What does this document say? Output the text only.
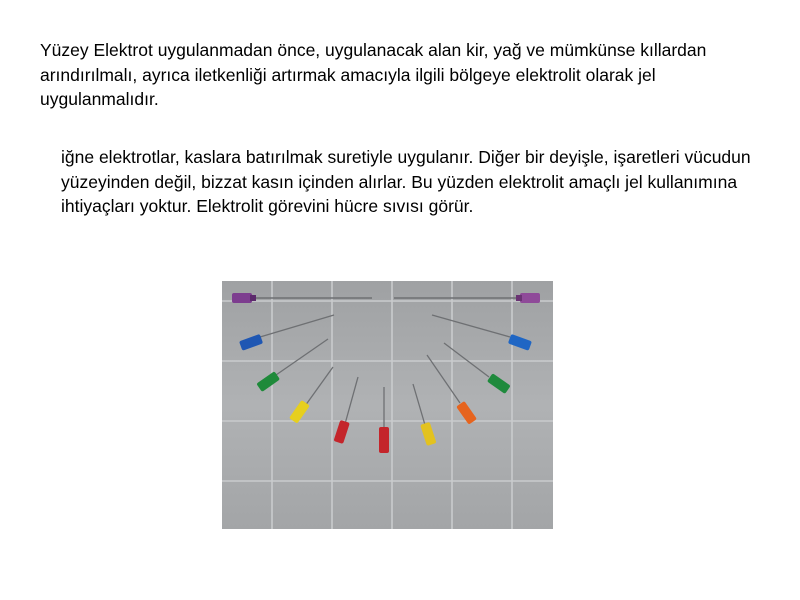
Yüzey Elektrot uygulanmadan önce, uygulanacak alan kir, yağ ve mümkünse kıllardan arındırılmalı, ayrıca iletkenliği artırmak amacıyla ilgili bölgeye elektrolit olarak jel uygulanmalıdır.

iğne elektrotlar, kaslara batırılmak suretiyle uygulanır. Diğer bir deyişle, işaretleri vücudun yüzeyinden değil, bizzat kasın içinden alırlar. Bu yüzden elektrolit amaçlı jel kullanımına ihtiyaçları yoktur. Elektrolit görevini hücre sıvısı görür.
